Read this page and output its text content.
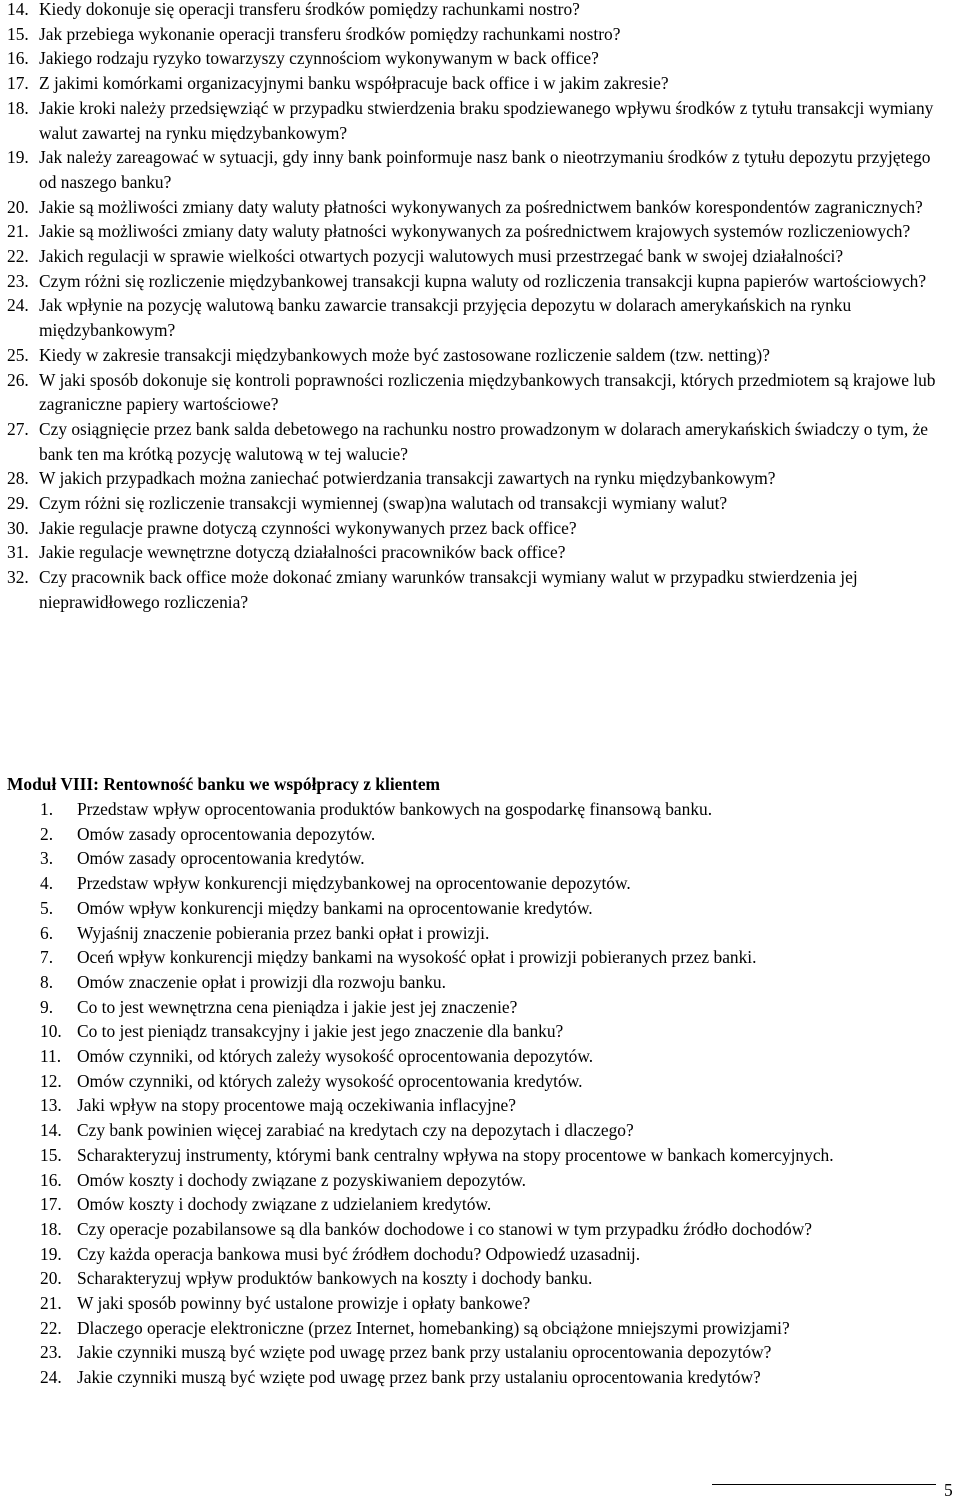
14. Kiedy dokonuje się operacji transferu środków pomiędzy rachunkami nostro?
15. Jak przebiega wykonanie operacji transferu środków pomiędzy rachunkami nostro?
16. Jakiego rodzaju ryzyko towarzyszy czynnościom wykonywanym w back office?
17. Z jakimi komórkami organizacyjnymi banku współpracuje back office i w jakim zakresie?
18. Jakie kroki należy przedsięwziąć w przypadku stwierdzenia braku spodziewanego wpływu środków z tytułu transakcji wymiany walut zawartej na rynku międzybankowym?
19. Jak należy zareagować w sytuacji, gdy inny bank poinformuje nasz bank o nieotrzymaniu środków z tytułu depozytu przyjętego od naszego banku?
20. Jakie są możliwości zmiany daty waluty płatności wykonywanych za pośrednictwem banków korespondentów zagranicznych?
21. Jakie są możliwości zmiany daty waluty płatności wykonywanych za pośrednictwem krajowych systemów rozliczeniowych?
22. Jakich regulacji w sprawie wielkości otwartych pozycji walutowych musi przestrzegać bank w swojej działalności?
23. Czym różni się rozliczenie międzybankowej transakcji kupna waluty od rozliczenia transakcji kupna papierów wartościowych?
24. Jak wpłynie na pozycję walutową banku zawarcie transakcji przyjęcia depozytu w dolarach amerykańskich na rynku międzybankowym?
25. Kiedy w zakresie transakcji międzybankowych może być zastosowane rozliczenie saldem (tzw. netting)?
26. W jaki sposób dokonuje się kontroli poprawności rozliczenia międzybankowych transakcji, których przedmiotem są krajowe lub zagraniczne papiery wartościowe?
27. Czy osiągnięcie przez bank salda debetowego na rachunku nostro prowadzonym w dolarach amerykańskich świadczy o tym, że bank ten ma krótką pozycję walutową w tej walucie?
28. W jakich przypadkach można zaniechać potwierdzania transakcji zawartych na rynku międzybankowym?
29. Czym różni się rozliczenie transakcji wymiennej (swap)na walutach od transakcji wymiany walut?
30. Jakie regulacje prawne dotyczą czynności wykonywanych przez back office?
31. Jakie regulacje wewnętrzne dotyczą działalności pracowników back office?
32. Czy pracownik back office może dokonać zmiany warunków transakcji wymiany walut w przypadku stwierdzenia jej nieprawidłowego rozliczenia?
Moduł VIII: Rentowność banku we współpracy z klientem
1.	Przedstaw wpływ oprocentowania produktów bankowych na gospodarkę finansową banku.
2.	Omów zasady oprocentowania depozytów.
3.	Omów zasady oprocentowania kredytów.
4.	Przedstaw wpływ konkurencji międzybankowej na oprocentowanie depozytów.
5.	Omów wpływ konkurencji między bankami na oprocentowanie kredytów.
6.	Wyjaśnij znaczenie pobierania przez banki opłat i prowizji.
7.	Oceń wpływ konkurencji między bankami na wysokość opłat i prowizji pobieranych przez banki.
8.	Omów znaczenie opłat i prowizji dla rozwoju banku.
9.	Co to jest wewnętrzna cena pieniądza i jakie jest jej znaczenie?
10. Co to jest pieniądz transakcyjny i jakie jest jego znaczenie dla banku?
11. Omów czynniki, od których zależy wysokość oprocentowania depozytów.
12. Omów czynniki, od których zależy wysokość oprocentowania kredytów.
13. Jaki wpływ na stopy procentowe mają oczekiwania inflacyjne?
14. Czy bank powinien więcej zarabiać na kredytach czy na depozytach i dlaczego?
15. Scharakteryzuj instrumenty, którymi bank centralny wpływa na stopy procentowe w bankach komercyjnych.
16. Omów koszty i dochody związane z pozyskiwaniem depozytów.
17. Omów koszty i dochody związane z udzielaniem kredytów.
18. Czy operacje pozabilansowe są dla banków dochodowe i co stanowi w tym przypadku źródło dochodów?
19. Czy każda operacja bankowa musi być źródłem dochodu? Odpowiedź uzasadnij.
20. Scharakteryzuj wpływ produktów bankowych na koszty i dochody banku.
21. W jaki sposób powinny być ustalone prowizje i opłaty bankowe?
22. Dlaczego operacje elektroniczne (przez Internet, homebanking) są obciążone mniejszymi prowizjami?
23. Jakie czynniki muszą być wzięte pod uwagę przez bank przy ustalaniu oprocentowania depozytów?
24. Jakie czynniki muszą być wzięte pod uwagę przez bank przy ustalaniu oprocentowania kredytów?
5
